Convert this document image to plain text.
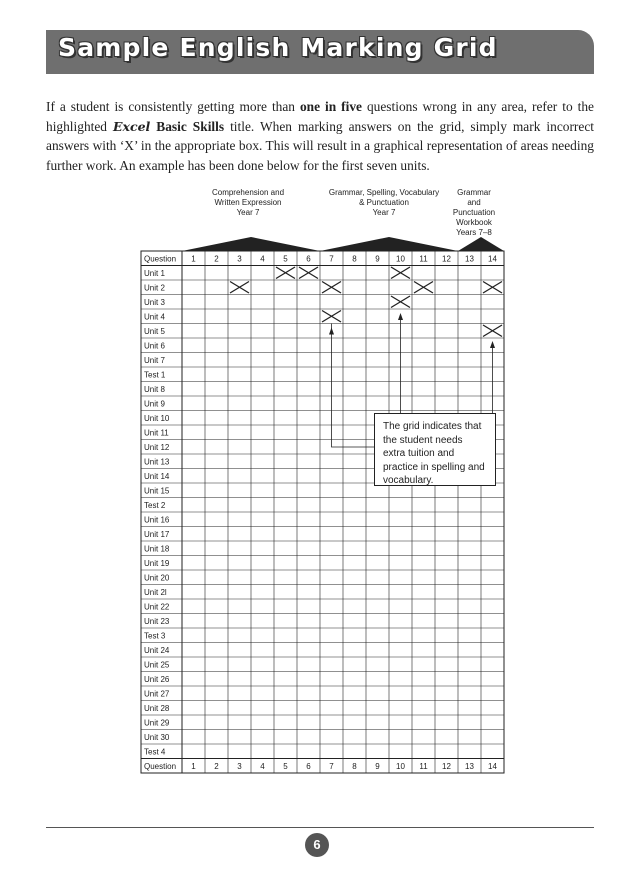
Sample English Marking Grid

If a student is consistently getting more than one in five questions wrong in any area, refer to the highlighted Excel Basic Skills title. When marking answers on the grid, simply mark incorrect answers with ‘X’ in the appropriate box. This will result in a graphical representation of areas needing further work. An example has been done below for the first seven units.

Comprehension and
Written Expression
Year 7
Grammar, Spelling, Vocabulary
& Punctuation
Year 7
Grammar
and
Punctuation
Workbook
Years 7–8
Question 1 2 3 4 5 6 7 8 9 10 11 12 13 14
Question 1 2 3 4 5 6 7 8 9 10 11 12 13 14
Unit 1
Unit 2
Unit 3
Unit 4
Unit 5
Unit 6
Unit 7
Test 1
Unit 8
Unit 9
Unit 10
Unit 11
Unit 12
Unit 13
Unit 14
Unit 15
Test 2
Unit 16
Unit 17
Unit 18
Unit 19
Unit 20
Unit 2l
Unit 22
Unit 23
Test 3
Unit 24
Unit 25
Unit 26
Unit 27
Unit 28
Unit 29
Unit 30
Test 4
The grid indicates that the student needs extra tuition and practice in spelling and vocabulary.
6
